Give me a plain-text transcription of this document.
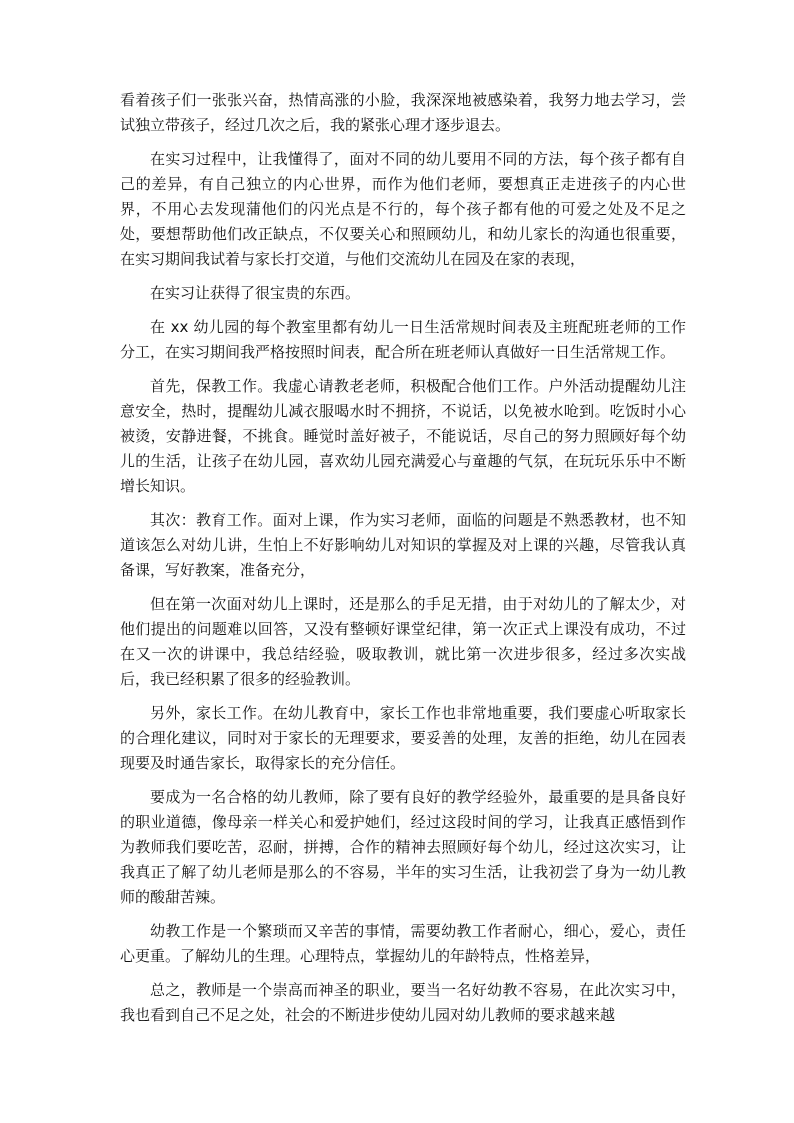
看着孩子们一张张兴奋，热情高涨的小脸，我深深地被感染着，我努力地去学习，尝试独立带孩子，经过几次之后，我的紧张心理才逐步退去。

在实习过程中，让我懂得了，面对不同的幼儿要用不同的方法，每个孩子都有自己的差异，有自己独立的内心世界，而作为他们老师，要想真正走进孩子的内心世界，不用心去发现蒲他们的闪光点是不行的，每个孩子都有他的可爱之处及不足之处，要想帮助他们改正缺点，不仅要关心和照顾幼儿，和幼儿家长的沟通也很重要，在实习期间我试着与家长打交道，与他们交流幼儿在园及在家的表现，

在实习让获得了很宝贵的东西。

在 xx 幼儿园的每个教室里都有幼儿一日生活常规时间表及主班配班老师的工作分工，在实习期间我严格按照时间表，配合所在班老师认真做好一日生活常规工作。

首先，保教工作。我虚心请教老老师，积极配合他们工作。户外活动提醒幼儿注意安全，热时，提醒幼儿减衣服喝水时不拥挤，不说话，以免被水呛到。吃饭时小心被烫，安静进餐，不挑食。睡觉时盖好被子，不能说话，尽自己的努力照顾好每个幼儿的生活，让孩子在幼儿园，喜欢幼儿园充满爱心与童趣的气氛，在玩玩乐乐中不断增长知识。

其次：教育工作。面对上课，作为实习老师，面临的问题是不熟悉教材，也不知道该怎么对幼儿讲，生怕上不好影响幼儿对知识的掌握及对上课的兴趣，尽管我认真备课，写好教案，准备充分，

但在第一次面对幼儿上课时，还是那么的手足无措，由于对幼儿的了解太少，对他们提出的问题难以回答，又没有整顿好课堂纪律，第一次正式上课没有成功，不过在又一次的讲课中，我总结经验，吸取教训，就比第一次进步很多，经过多次实战后，我已经积累了很多的经验教训。

另外，家长工作。在幼儿教育中，家长工作也非常地重要，我们要虚心听取家长的合理化建议，同时对于家长的无理要求，要妥善的处理，友善的拒绝，幼儿在园表现要及时通告家长，取得家长的充分信任。

要成为一名合格的幼儿教师，除了要有良好的教学经验外，最重要的是具备良好的职业道德，像母亲一样关心和爱护她们，经过这段时间的学习，让我真正感悟到作为教师我们要吃苦，忍耐，拼搏，合作的精神去照顾好每个幼儿，经过这次实习，让我真正了解了幼儿老师是那么的不容易，半年的实习生活，让我初尝了身为一幼儿教师的酸甜苦辣。

幼教工作是一个繁琐而又辛苦的事情，需要幼教工作者耐心，细心，爱心，责任心更重。了解幼儿的生理。心理特点，掌握幼儿的年龄特点，性格差异，

总之，教师是一个崇高而神圣的职业，要当一名好幼教不容易，在此次实习中，我也看到自己不足之处，社会的不断进步使幼儿园对幼儿教师的要求越来越
